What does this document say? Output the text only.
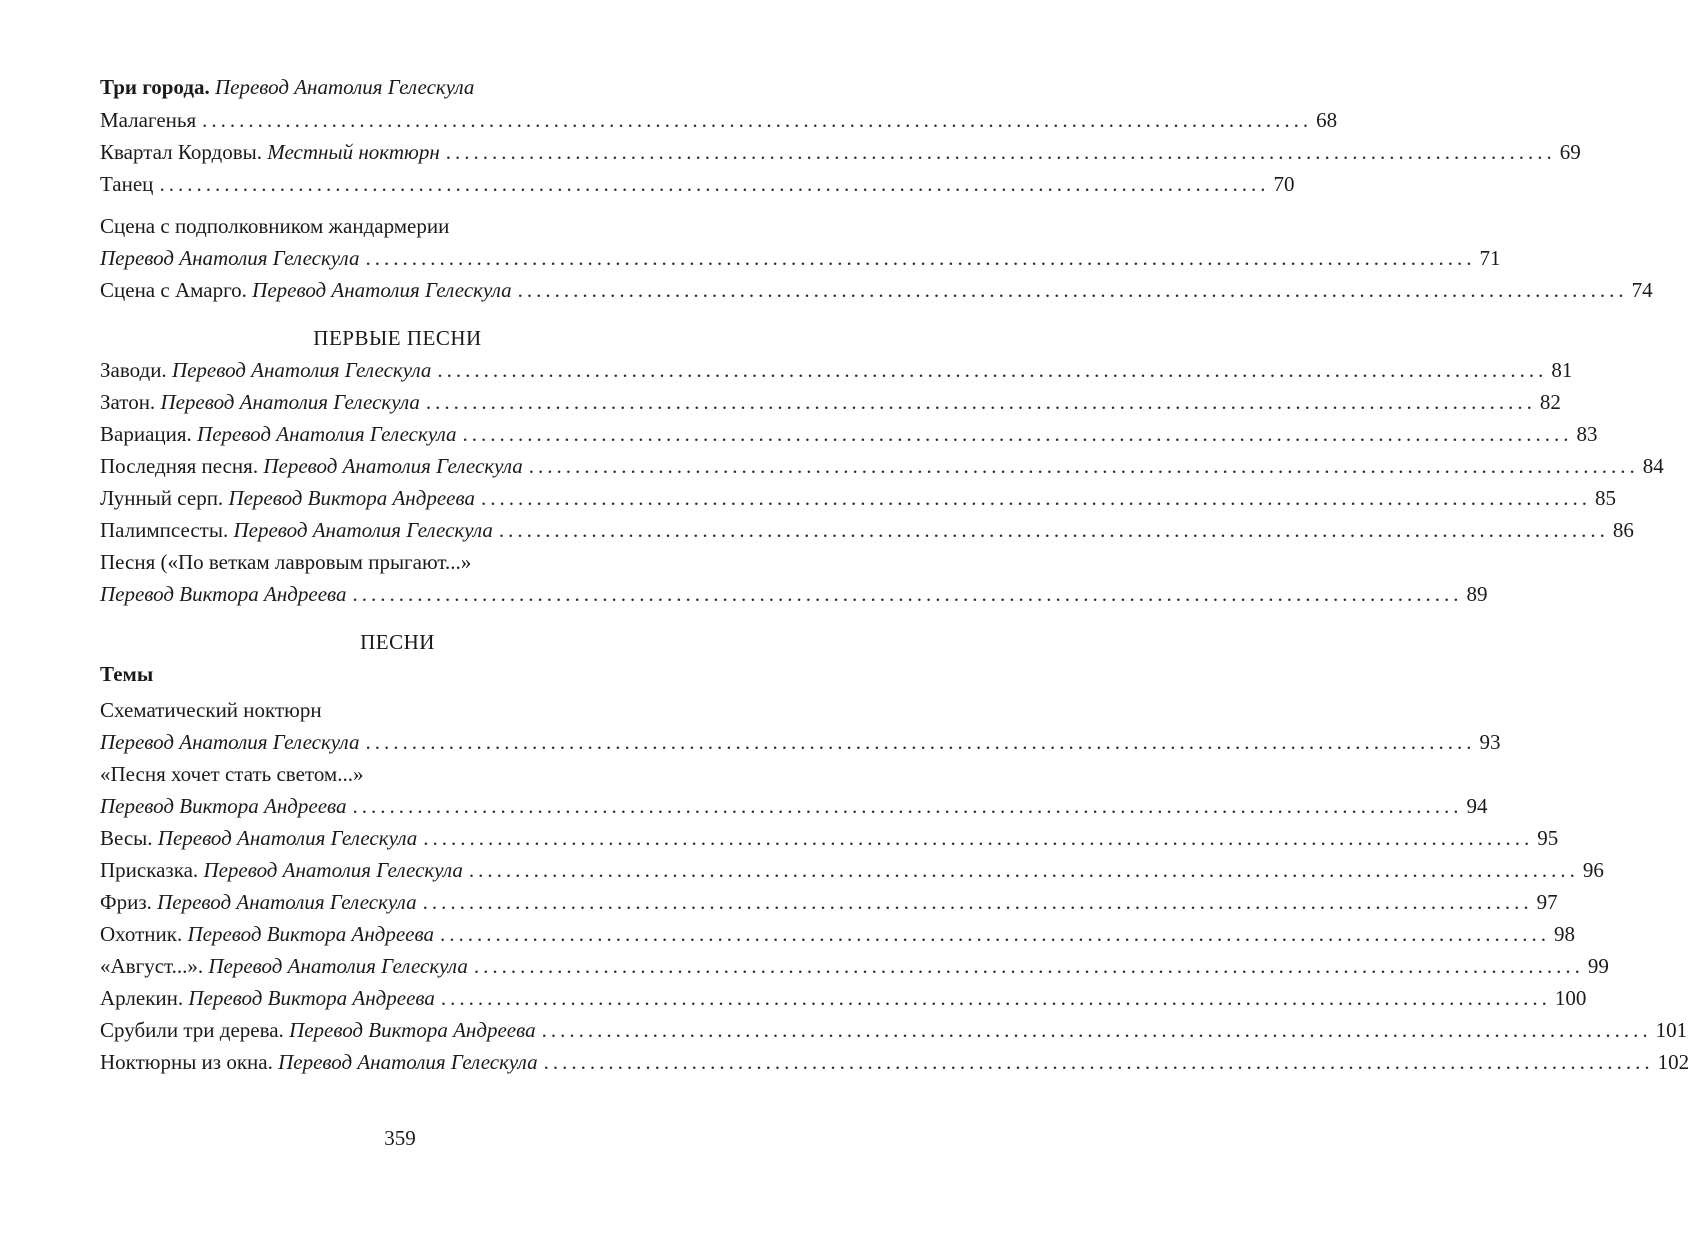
Три города. Перевод Анатолия Гелескула
Малагенья ........................................................................................................................ 68
Квартал Кордовы. Местный ноктюрн ........................................................................................................................ 69
Танец ........................................................................................................................ 70
Сцена с подполковником жандармерии
Перевод Анатолия Гелескула ........................................................................................................................ 71
Сцена с Амарго. Перевод Анатолия Гелескула ........................................................................................................................ 74
ПЕРВЫЕ ПЕСНИ
Заводи. Перевод Анатолия Гелескула ........................................................................................................................ 81
Затон. Перевод Анатолия Гелескула ........................................................................................................................ 82
Вариация. Перевод Анатолия Гелескула ........................................................................................................................ 83
Последняя песня. Перевод Анатолия Гелескула ........................................................................................................................ 84
Лунный серп. Перевод Виктора Андреева ........................................................................................................................ 85
Палимпсесты. Перевод Анатолия Гелескула ........................................................................................................................ 86
Песня («По веткам лавровым прыгают...»
Перевод Виктора Андреева ........................................................................................................................ 89
ПЕСНИ
Темы
Схематический ноктюрн
Перевод Анатолия Гелескула ........................................................................................................................ 93
«Песня хочет стать светом...»
Перевод Виктора Андреева ........................................................................................................................ 94
Весы. Перевод Анатолия Гелескула ........................................................................................................................ 95
Присказка. Перевод Анатолия Гелескула ........................................................................................................................ 96
Фриз. Перевод Анатолия Гелескула ........................................................................................................................ 97
Охотник. Перевод Виктора Андреева ........................................................................................................................ 98
«Август...». Перевод Анатолия Гелескула ........................................................................................................................ 99
Арлекин. Перевод Виктора Андреева ........................................................................................................................ 100
Срубили три дерева. Перевод Виктора Андреева ........................................................................................................................ 101
Ноктюрны из окна. Перевод Анатолия Гелескула ........................................................................................................................ 102
359
